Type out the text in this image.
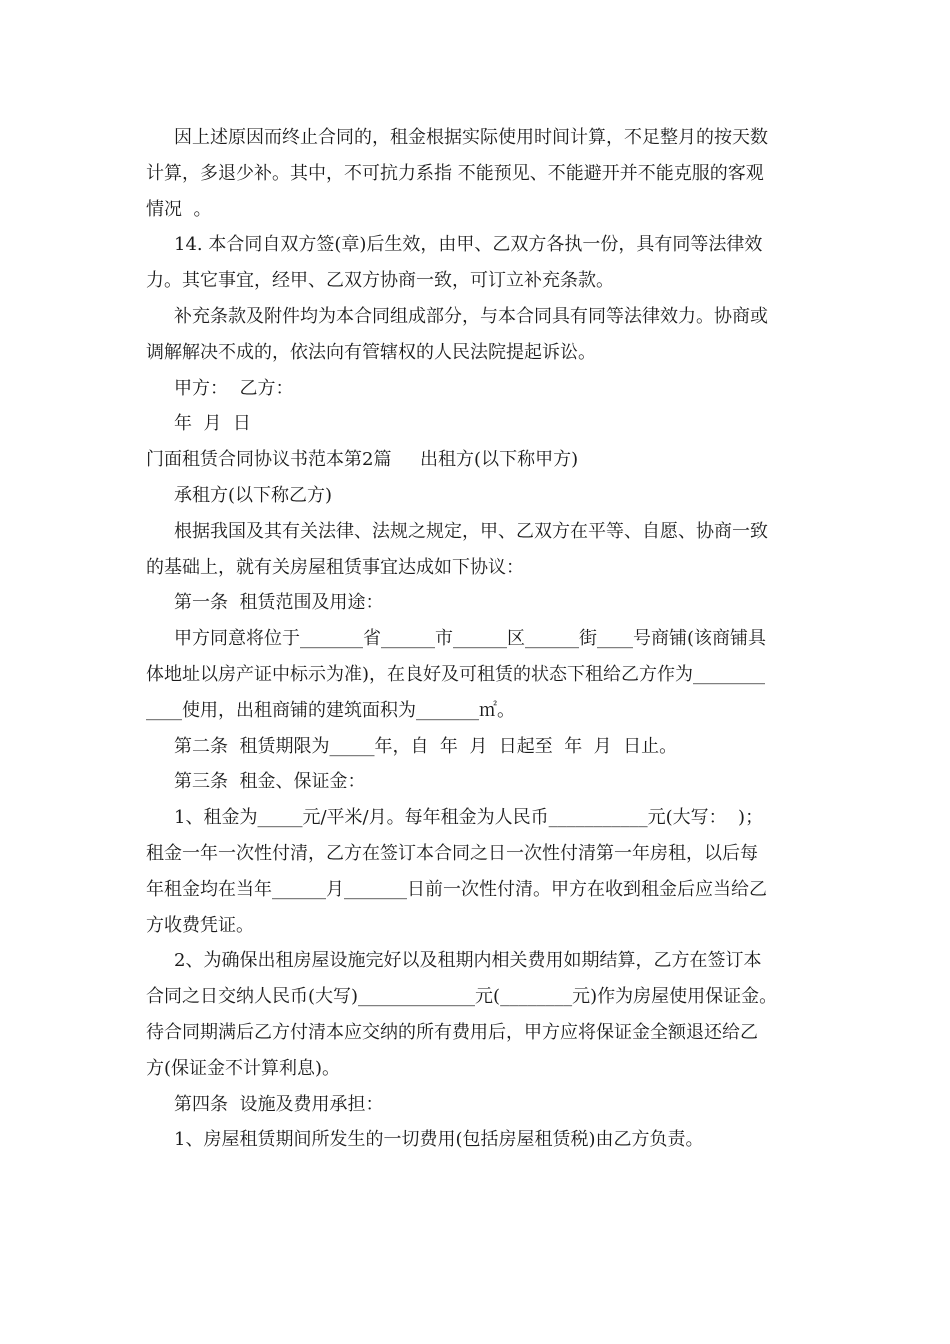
因上述原因而终止合同的，租金根据实际使用时间计算，不足整月的按天数
计算，多退少补。其中，不可抗力系指 不能预见、不能避开并不能克服的客观
情况  。
14. 本合同自双方签(章)后生效，由甲、乙双方各执一份，具有同等法律效
力。其它事宜，经甲、乙双方协商一致，可订立补充条款。
补充条款及附件均为本合同组成部分，与本合同具有同等法律效力。协商或
调解解决不成的，依法向有管辖权的人民法院提起诉讼。
甲方：  乙方：
年  月  日
门面租赁合同协议书范本第2篇     出租方(以下称甲方)
承租方(以下称乙方)
根据我国及其有关法律、法规之规定，甲、乙双方在平等、自愿、协商一致
的基础上，就有关房屋租赁事宜达成如下协议：
第一条  租赁范围及用途：
甲方同意将位于_______省______市______区______街____号商铺(该商铺具
体地址以房产证中标示为准)，在良好及可租赁的状态下租给乙方作为________
____使用，出租商铺的建筑面积为_______㎡。
第二条  租赁期限为_____年，自  年  月  日起至  年  月  日止。
第三条  租金、保证金：
1、租金为_____元/平米/月。每年租金为人民币___________元(大写：  )；
租金一年一次性付清，乙方在签订本合同之日一次性付清第一年房租，以后每
年租金均在当年______月_______日前一次性付清。甲方在收到租金后应当给乙
方收费凭证。
2、为确保出租房屋设施完好以及租期内相关费用如期结算，乙方在签订本
合同之日交纳人民币(大写)_____________元(________元)作为房屋使用保证金。
待合同期满后乙方付清本应交纳的所有费用后，甲方应将保证金全额退还给乙
方(保证金不计算利息)。
第四条  设施及费用承担：
1、房屋租赁期间所发生的一切费用(包括房屋租赁税)由乙方负责。
